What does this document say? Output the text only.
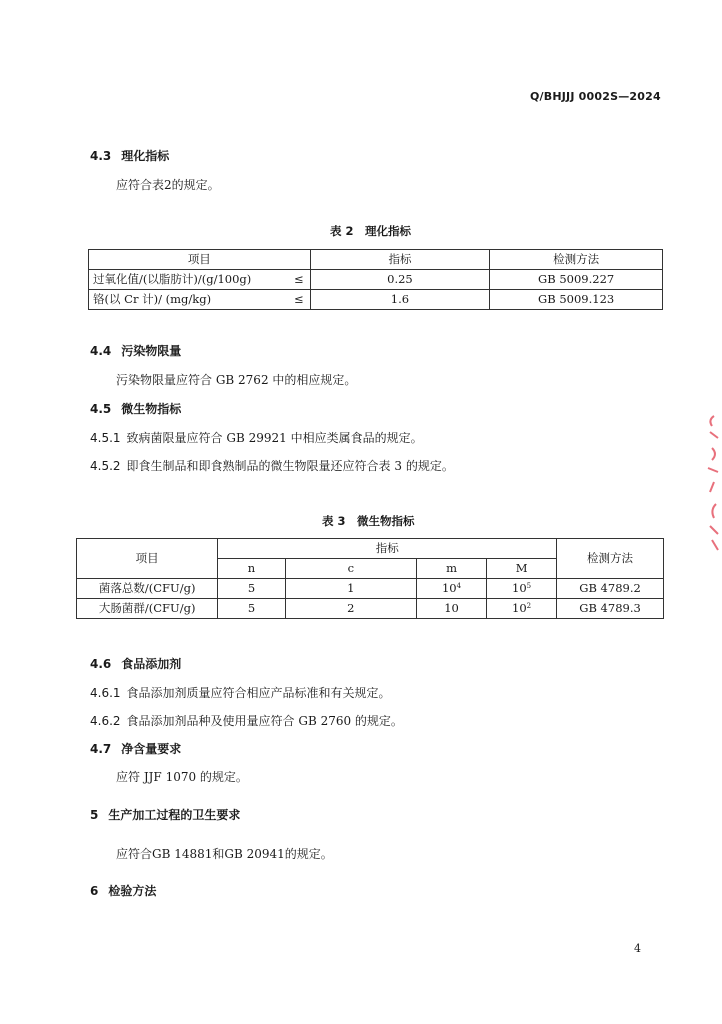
Q/BHJJJ 0002S—2024
4.3 理化指标
应符合表2的规定。
表 2　理化指标
项目	指标	检测方法
过氧化值/(以脂肪计)/(g/100g) ≤	0.25	GB 5009.227
铬(以 Cr 计)/ (mg/kg) ≤	1.6	GB 5009.123
4.4 污染物限量
污染物限量应符合 GB 2762 中的相应规定。
4.5 微生物指标
4.5.1 致病菌限量应符合 GB 29921 中相应类属食品的规定。
4.5.2 即食生制品和即食熟制品的微生物限量还应符合表 3 的规定。
表 3　微生物指标
项目	指标				检测方法
	n	c	m	M	
菌落总数/(CFU/g)	5	1	$10^4$	$10^5$	GB 4789.2
大肠菌群/(CFU/g)	5	2	10	$10^2$	GB 4789.3
4.6 食品添加剂
4.6.1 食品添加剂质量应符合相应产品标准和有关规定。
4.6.2 食品添加剂品种及使用量应符合 GB 2760 的规定。
4.7 净含量要求
应符 JJF 1070 的规定。
5 生产加工过程的卫生要求
应符合GB 14881和GB 20941的规定。
6 检验方法
4
